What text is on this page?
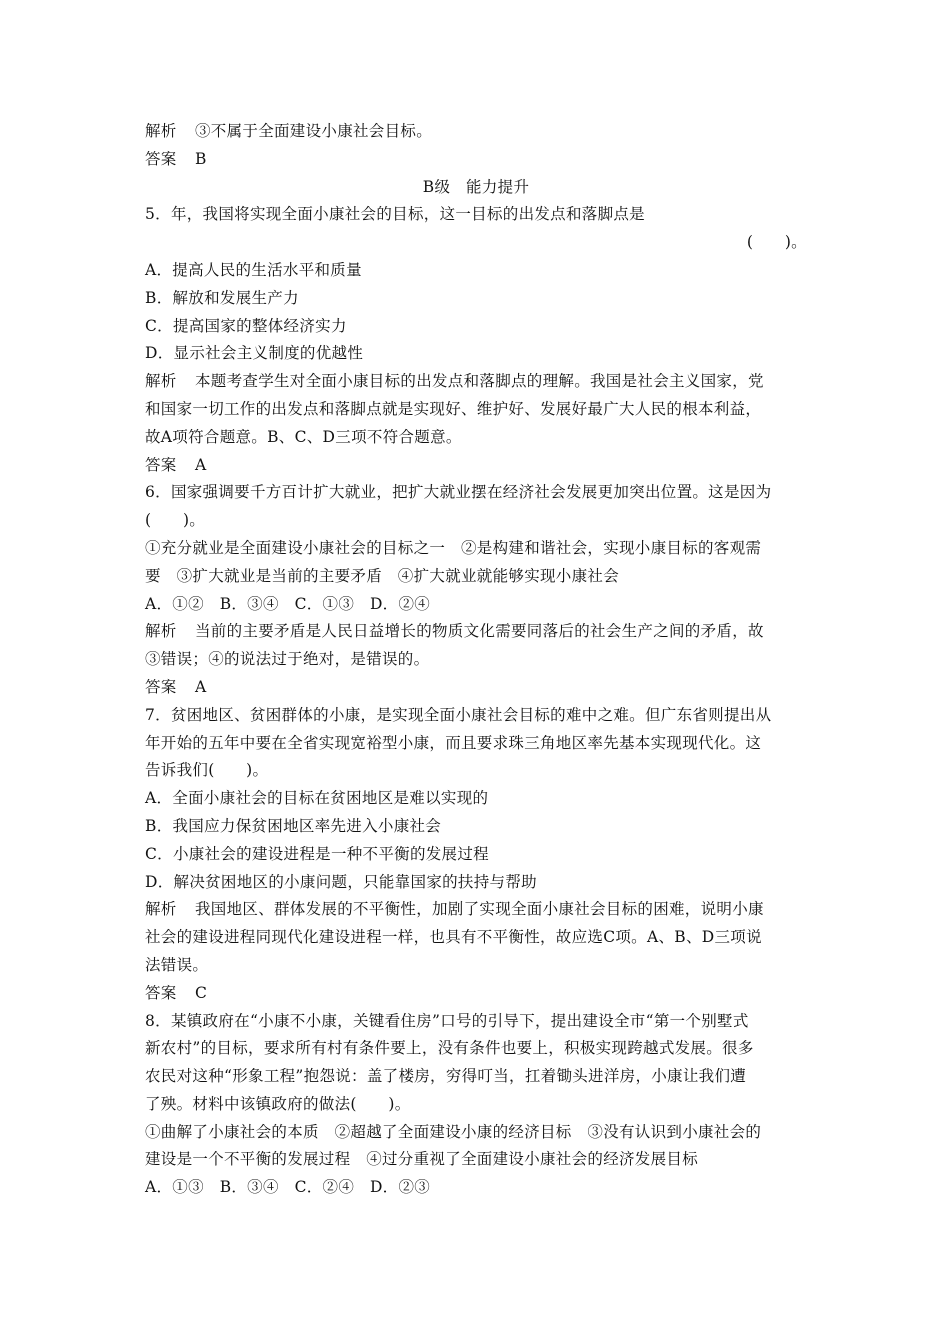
解析 ③不属于全面建设小康社会目标。
答案 B
B级　能力提升
5．年，我国将实现全面小康社会的目标，这一目标的出发点和落脚点是
(　　)。
A．提高人民的生活水平和质量
B．解放和发展生产力
C．提高国家的整体经济实力
D．显示社会主义制度的优越性
解析 本题考查学生对全面小康目标的出发点和落脚点的理解。我国是社会主义国家，党
和国家一切工作的出发点和落脚点就是实现好、维护好、发展好最广大人民的根本利益，
故A项符合题意。B、C、D三项不符合题意。
答案 A
6．国家强调要千方百计扩大就业，把扩大就业摆在经济社会发展更加突出位置。这是因为
(　　)。
①充分就业是全面建设小康社会的目标之一　②是构建和谐社会，实现小康目标的客观需
要　③扩大就业是当前的主要矛盾　④扩大就业就能够实现小康社会
A．①②　B．③④　C．①③　D．②④
解析 当前的主要矛盾是人民日益增长的物质文化需要同落后的社会生产之间的矛盾，故
③错误；④的说法过于绝对，是错误的。
答案 A
7．贫困地区、贫困群体的小康，是实现全面小康社会目标的难中之难。但广东省则提出从
年开始的五年中要在全省实现宽裕型小康，而且要求珠三角地区率先基本实现现代化。这
告诉我们(　　)。
A．全面小康社会的目标在贫困地区是难以实现的
B．我国应力保贫困地区率先进入小康社会
C．小康社会的建设进程是一种不平衡的发展过程
D．解决贫困地区的小康问题，只能靠国家的扶持与帮助
解析 我国地区、群体发展的不平衡性，加剧了实现全面小康社会目标的困难，说明小康
社会的建设进程同现代化建设进程一样，也具有不平衡性，故应选C项。A、B、D三项说
法错误。
答案 C
8．某镇政府在“小康不小康，关键看住房”口号的引导下，提出建设全市“第一个别墅式
新农村”的目标，要求所有村有条件要上，没有条件也要上，积极实现跨越式发展。很多
农民对这种“形象工程”抱怨说：盖了楼房，穷得叮当，扛着锄头进洋房，小康让我们遭
了殃。材料中该镇政府的做法(　　)。
①曲解了小康社会的本质　②超越了全面建设小康的经济目标　③没有认识到小康社会的
建设是一个不平衡的发展过程　④过分重视了全面建设小康社会的经济发展目标
A．①③　B．③④　C．②④　D．②③
